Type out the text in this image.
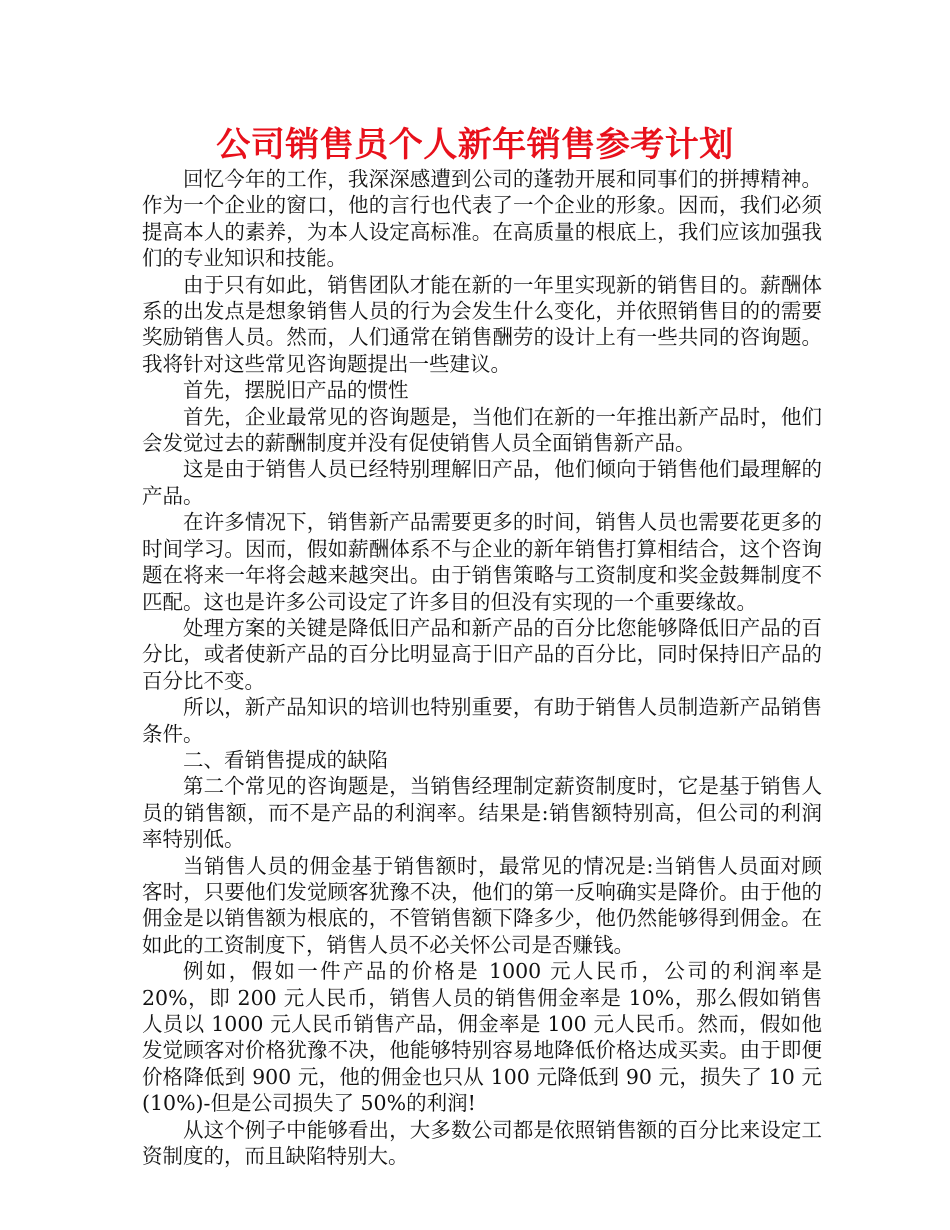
公司销售员个人新年销售参考计划

回忆今年的工作，我深深感遭到公司的蓬勃开展和同事们的拼搏精神。作为一个企业的窗口，他的言行也代表了一个企业的形象。因而，我们必须提高本人的素养，为本人设定高标准。在高质量的根底上，我们应该加强我们的专业知识和技能。

由于只有如此，销售团队才能在新的一年里实现新的销售目的。薪酬体系的出发点是想象销售人员的行为会发生什么变化，并依照销售目的的需要奖励销售人员。然而，人们通常在销售酬劳的设计上有一些共同的咨询题。我将针对这些常见咨询题提出一些建议。

首先，摆脱旧产品的惯性

首先，企业最常见的咨询题是，当他们在新的一年推出新产品时，他们会发觉过去的薪酬制度并没有促使销售人员全面销售新产品。

这是由于销售人员已经特别理解旧产品，他们倾向于销售他们最理解的产品。

在许多情况下，销售新产品需要更多的时间，销售人员也需要花更多的时间学习。因而，假如薪酬体系不与企业的新年销售打算相结合，这个咨询题在将来一年将会越来越突出。由于销售策略与工资制度和奖金鼓舞制度不匹配。这也是许多公司设定了许多目的但没有实现的一个重要缘故。

处理方案的关键是降低旧产品和新产品的百分比您能够降低旧产品的百分比，或者使新产品的百分比明显高于旧产品的百分比，同时保持旧产品的百分比不变。

所以，新产品知识的培训也特别重要，有助于销售人员制造新产品销售条件。

二、看销售提成的缺陷

第二个常见的咨询题是，当销售经理制定薪资制度时，它是基于销售人员的销售额，而不是产品的利润率。结果是:销售额特别高，但公司的利润率特别低。

当销售人员的佣金基于销售额时，最常见的情况是:当销售人员面对顾客时，只要他们发觉顾客犹豫不决，他们的第一反响确实是降价。由于他的佣金是以销售额为根底的，不管销售额下降多少，他仍然能够得到佣金。在如此的工资制度下，销售人员不必关怀公司是否赚钱。

例如，假如一件产品的价格是 1000 元人民币，公司的利润率是 20%，即 200 元人民币，销售人员的销售佣金率是 10%，那么假如销售人员以 1000 元人民币销售产品，佣金率是 100 元人民币。然而，假如他发觉顾客对价格犹豫不决，他能够特别容易地降低价格达成买卖。由于即便价格降低到 900 元，他的佣金也只从 100 元降低到 90 元，损失了 10 元(10%)-但是公司损失了 50%的利润!

从这个例子中能够看出，大多数公司都是依照销售额的百分比来设定工资制度的，而且缺陷特别大。
